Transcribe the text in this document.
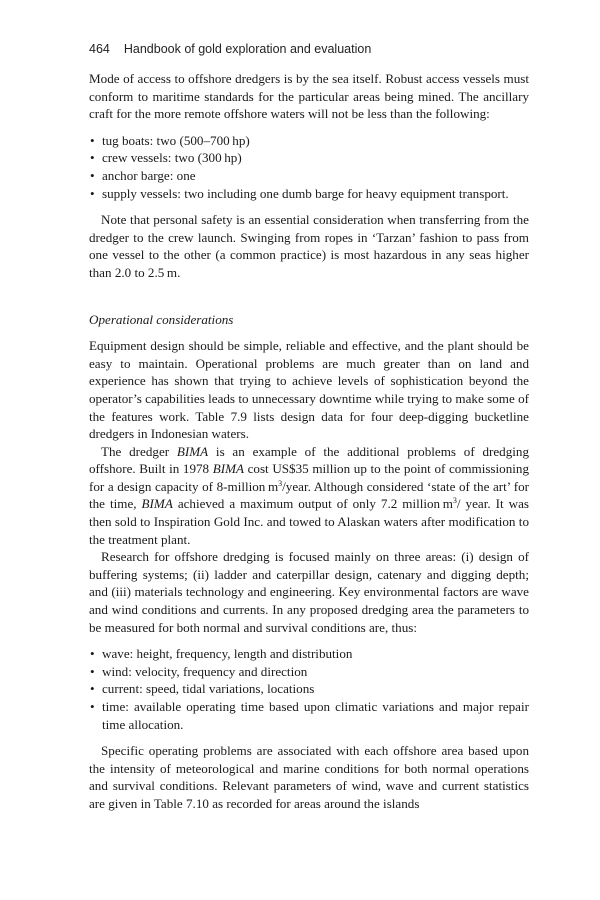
464 Handbook of gold exploration and evaluation

Mode of access to offshore dredgers is by the sea itself. Robust access vessels must conform to maritime standards for the particular areas being mined. The ancillary craft for the more remote offshore waters will not be less than the following:

• tug boats: two (500–700 hp)
• crew vessels: two (300 hp)
• anchor barge: one
• supply vessels: two including one dumb barge for heavy equipment transport.

Note that personal safety is an essential consideration when transferring from the dredger to the crew launch. Swinging from ropes in ‘Tarzan’ fashion to pass from one vessel to the other (a common practice) is most hazardous in any seas higher than 2.0 to 2.5 m.

Operational considerations

Equipment design should be simple, reliable and effective, and the plant should be easy to maintain. Operational problems are much greater than on land and experience has shown that trying to achieve levels of sophistication beyond the operator’s capabilities leads to unnecessary downtime while trying to make some of the features work. Table 7.9 lists design data for four deep-digging bucketline dredgers in Indonesian waters.

The dredger BIMA is an example of the additional problems of dredging offshore. Built in 1978 BIMA cost US$35 million up to the point of commissioning for a design capacity of 8-million $m^3$/year. Although considered ‘state of the art’ for the time, BIMA achieved a maximum output of only 7.2 million $m^3/$ year. It was then sold to Inspiration Gold Inc. and towed to Alaskan waters after modification to the treatment plant.

Research for offshore dredging is focused mainly on three areas: (i) design of buffering systems; (ii) ladder and caterpillar design, catenary and digging depth; and (iii) materials technology and engineering. Key environmental factors are wave and wind conditions and currents. In any proposed dredging area the parameters to be measured for both normal and survival conditions are, thus:

• wave: height, frequency, length and distribution
• wind: velocity, frequency and direction
• current: speed, tidal variations, locations
• time: available operating time based upon climatic variations and major repair time allocation.

Specific operating problems are associated with each offshore area based upon the intensity of meteorological and marine conditions for both normal operations and survival conditions. Relevant parameters of wind, wave and current statistics are given in Table 7.10 as recorded for areas around the islands
